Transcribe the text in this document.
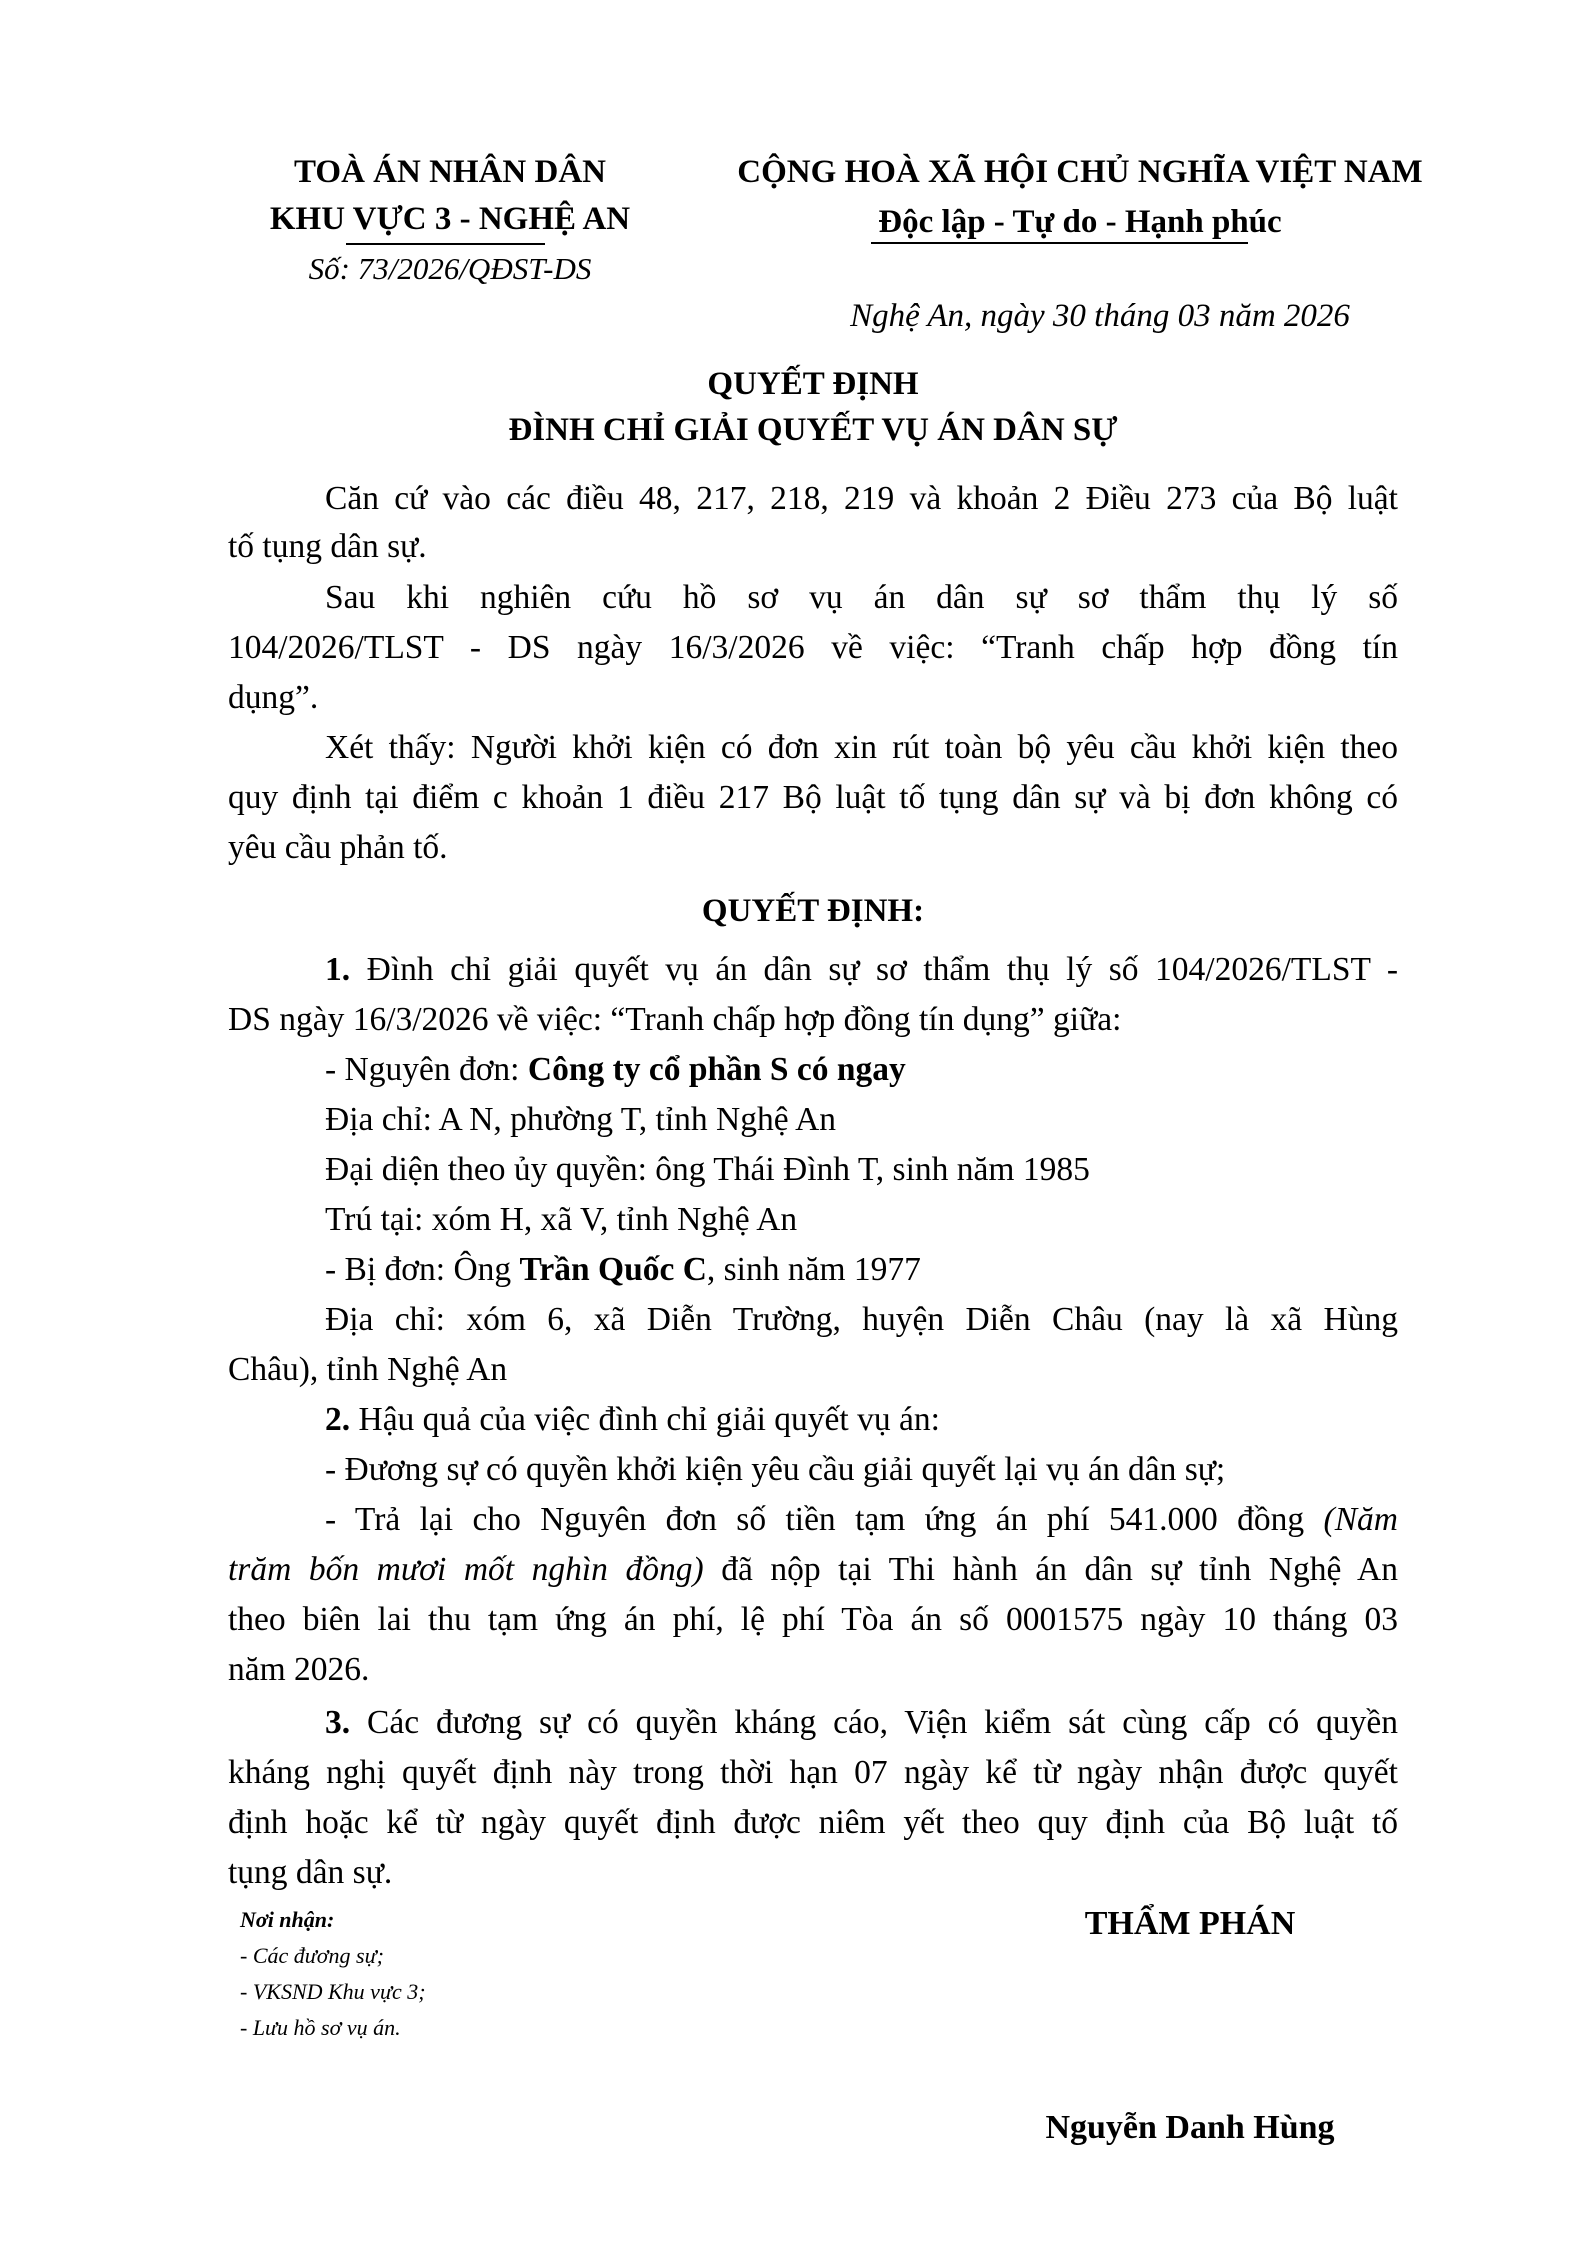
TOÀ ÁN NHÂN DÂN
KHU VỰC 3 - NGHỆ AN
Số: 73/2026/QĐST-DS
CỘNG HOÀ XÃ HỘI CHỦ NGHĨA VIỆT NAM
Độc lập - Tự do - Hạnh phúc
Nghệ An, ngày 30 tháng 03 năm 2026
QUYẾT ĐỊNH
ĐÌNH CHỈ GIẢI QUYẾT VỤ ÁN DÂN SỰ
Căn cứ vào các điều 48, 217, 218, 219 và khoản 2 Điều 273 của Bộ luật
tố tụng dân sự.
Sau khi nghiên cứu hồ sơ vụ án dân sự sơ thẩm thụ lý số
104/2026/TLST - DS ngày 16/3/2026 về việc: “Tranh chấp hợp đồng tín
dụng”.
Xét thấy: Người khởi kiện có đơn xin rút toàn bộ yêu cầu khởi kiện theo
quy định tại điểm c khoản 1 điều 217 Bộ luật tố tụng dân sự và bị đơn không có
yêu cầu phản tố.
QUYẾT ĐỊNH:
1. Đình chỉ giải quyết vụ án dân sự sơ thẩm thụ lý số 104/2026/TLST -
DS ngày 16/3/2026 về việc: “Tranh chấp hợp đồng tín dụng” giữa:
- Nguyên đơn: Công ty cổ phần S có ngay
Địa chỉ: A N, phường T, tỉnh Nghệ An
Đại diện theo ủy quyền: ông Thái Đình T, sinh năm 1985
Trú tại: xóm H, xã V, tỉnh Nghệ An
- Bị đơn: Ông Trần Quốc C, sinh năm 1977
Địa chỉ: xóm 6, xã Diễn Trường, huyện Diễn Châu (nay là xã Hùng
Châu), tỉnh Nghệ An
2. Hậu quả của việc đình chỉ giải quyết vụ án:
- Đương sự có quyền khởi kiện yêu cầu giải quyết lại vụ án dân sự;
- Trả lại cho Nguyên đơn số tiền tạm ứng án phí 541.000 đồng (Năm
trăm bốn mươi mốt nghìn đồng) đã nộp tại Thi hành án dân sự tỉnh Nghệ An
theo biên lai thu tạm ứng án phí, lệ phí Tòa án số 0001575 ngày 10 tháng 03
năm 2026.
3. Các đương sự có quyền kháng cáo, Viện kiểm sát cùng cấp có quyền
kháng nghị quyết định này trong thời hạn 07 ngày kể từ ngày nhận được quyết
định hoặc kể từ ngày quyết định được niêm yết theo quy định của Bộ luật tố
tụng dân sự.
Nơi nhận:
- Các đương sự;
- VKSND Khu vực 3;
- Lưu hồ sơ vụ án.
THẨM PHÁN
Nguyễn Danh Hùng
